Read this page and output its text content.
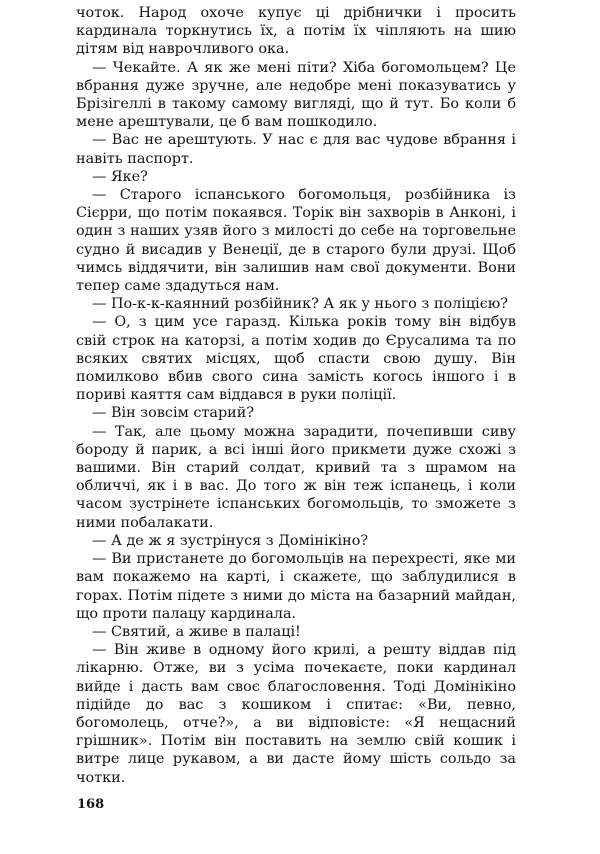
чоток. Народ охоче купує ці дрібнички і просить кардинала торкнутись їх, а потім їх чіпляють на шию дітям від наврочливого ока.

— Чекайте. А як же мені піти? Хіба богомольцем? Це вбрання дуже зручне, але недобре мені показуватись у Брізігеллі в такому самому вигляді, що й тут. Бо коли б мене арештували, це б вам пошкодило.

— Вас не арештують. У нас є для вас чудове вбрання і навіть паспорт.

— Яке?

— Старого іспанського богомольця, розбійника із Сієрри, що потім покаявся. Торік він захворів в Анконі, і один з наших узяв його з милості до себе на торговельне судно й висадив у Венеції, де в старого були друзі. Щоб чимсь віддячити, він залишив нам свої документи. Вони тепер саме здадуться нам.

— По-к-к-каянний розбійник? А як у нього з поліцією?

— О, з цим усе гаразд. Кілька років тому він відбув свій строк на каторзі, а потім ходив до Єрусалима та по всяких святих місцях, щоб спасти свою душу. Він помилково вбив свого сина замість когось іншого і в пориві каяття сам віддався в руки поліції.

— Він зовсім старий?

— Так, але цьому можна зарадити, почепивши сиву бороду й парик, а всі інші його прикмети дуже схожі з вашими. Він старий солдат, кривий та з шрамом на обличчі, як і в вас. До того ж він теж іспанець, і коли часом зустрінете іспанських богомольців, то зможете з ними побалакати.

— А де ж я зустрінуся з Домінікіно?

— Ви пристанете до богомольців на перехресті, яке ми вам покажемо на карті, і скажете, що заблудилися в горах. Потім підете з ними до міста на базарний майдан, що проти палацу кардинала.

— Святий, а живе в палаці!

— Він живе в одному його крилі, а решту віддав під лікарню. Отже, ви з усіма почекаєте, поки кардинал вийде і дасть вам своє благословення. Тоді Домінікіно підійде до вас з кошиком і спитає: «Ви, певно, богомолець, отче?», а ви відповісте: «Я нещасний грішник». Потім він поставить на землю свій кошик і витре лице рукавом, а ви дасте йому шість сольдо за чотки.

168
